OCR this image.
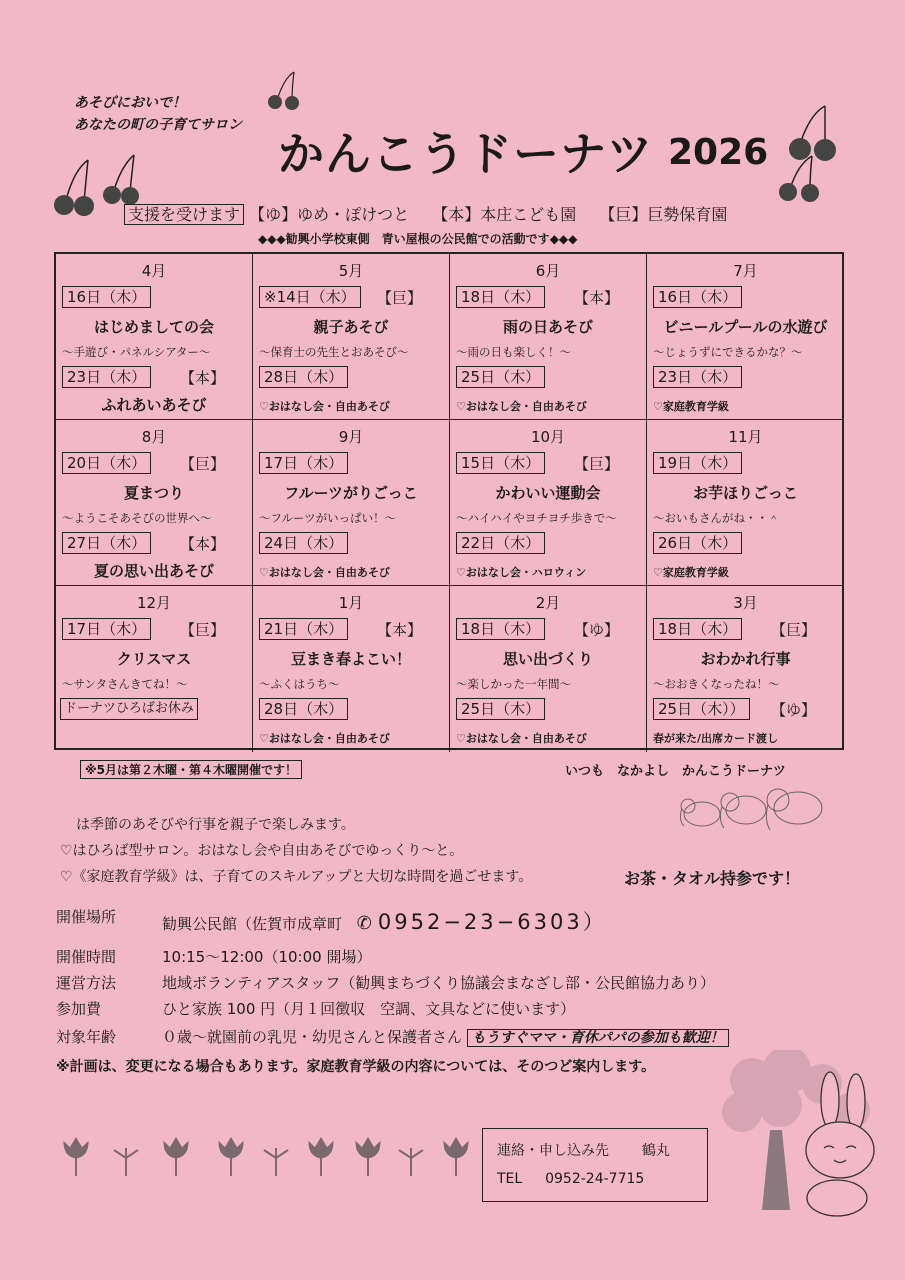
あそびにおいで！
あなたの町の子育てサロン
かんこうドーナツ 2026
支援を受けます 【ゆ】ゆめ・ぽけつと 【本】本庄こども園 【巨】巨勢保育園
◆◆◆勧興小学校東側　青い屋根の公民館での活動です◆◆◆
4月
16日（木）
はじめましての会
～手遊び・パネルシアター～
23日（木）	【本】
ふれあいあそび
5月
※14日（木）	【巨】
親子あそび
～保育士の先生とおあそび～
28日（木）
♡おはなし会・自由あそび
6月
18日（木）	【本】
雨の日あそび
～雨の日も楽しく！～
25日（木）
♡おはなし会・自由あそび
7月
16日（木）
ビニールプールの水遊び
～じょうずにできるかな？～
23日（木）
♡家庭教育学級
8月
20日（木）	【巨】
夏まつり
～ようこそあそびの世界へ～
27日（木）	【本】
夏の思い出あそび
9月
17日（木）
フルーツがりごっこ
～フルーツがいっぱい！～
24日（木）
♡おはなし会・自由あそび
10月
15日（木）	【巨】
かわいい運動会
～ハイハイやヨチヨチ歩きで～
22日（木）
♡おはなし会・ハロウィン
11月
19日（木）
お芋ほりごっこ
～おいもさんがね・・＾
26日（木）
♡家庭教育学級
12月
17日（木）	【巨】
クリスマス
～サンタさんきてね！～
ドーナツひろばお休み
1月
21日（木）	【本】
豆まき春よこい！
～ふくはうち～
28日（木）
♡おはなし会・自由あそび
2月
18日（木）	【ゆ】
思い出づくり
～楽しかった一年間～
25日（木）
♡おはなし会・自由あそび
3月
18日（木）	【巨】
おわかれ行事
～おおきくなったね！～
25日（木））	【ゆ】
春が来た/出席カード渡し
※5月は第２木曜・第４木曜開催です！	いつも　なかよし　かんこうドーナツ
は季節のあそびや行事を親子で楽しみます。
♡はひろば型サロン。おはなし会や自由あそびでゆっくり～と。
♡《家庭教育学級》は、子育てのスキルアップと大切な時間を過ごせます。	お茶・タオル持参です！
開催場所	勧興公民館（佐賀市成章町 ✆ 0952−23−6303）
開催時間	10:15～12:00（10:00 開場）
運営方法	地域ボランティアスタッフ（勧興まちづくり協議会まなざし部・公民館協力あり）
参加費	ひと家族 100 円（月１回徴収　空調、文具などに使います）
対象年齢	０歳～就園前の乳児・幼児さんと保護者さん もうすぐママ・育休パパの参加も歓迎！
※計画は、変更になる場合もあります。家庭教育学級の内容については、そのつど案内します。
連絡・申し込み先 鶴丸
TEL 0952-24-7715
